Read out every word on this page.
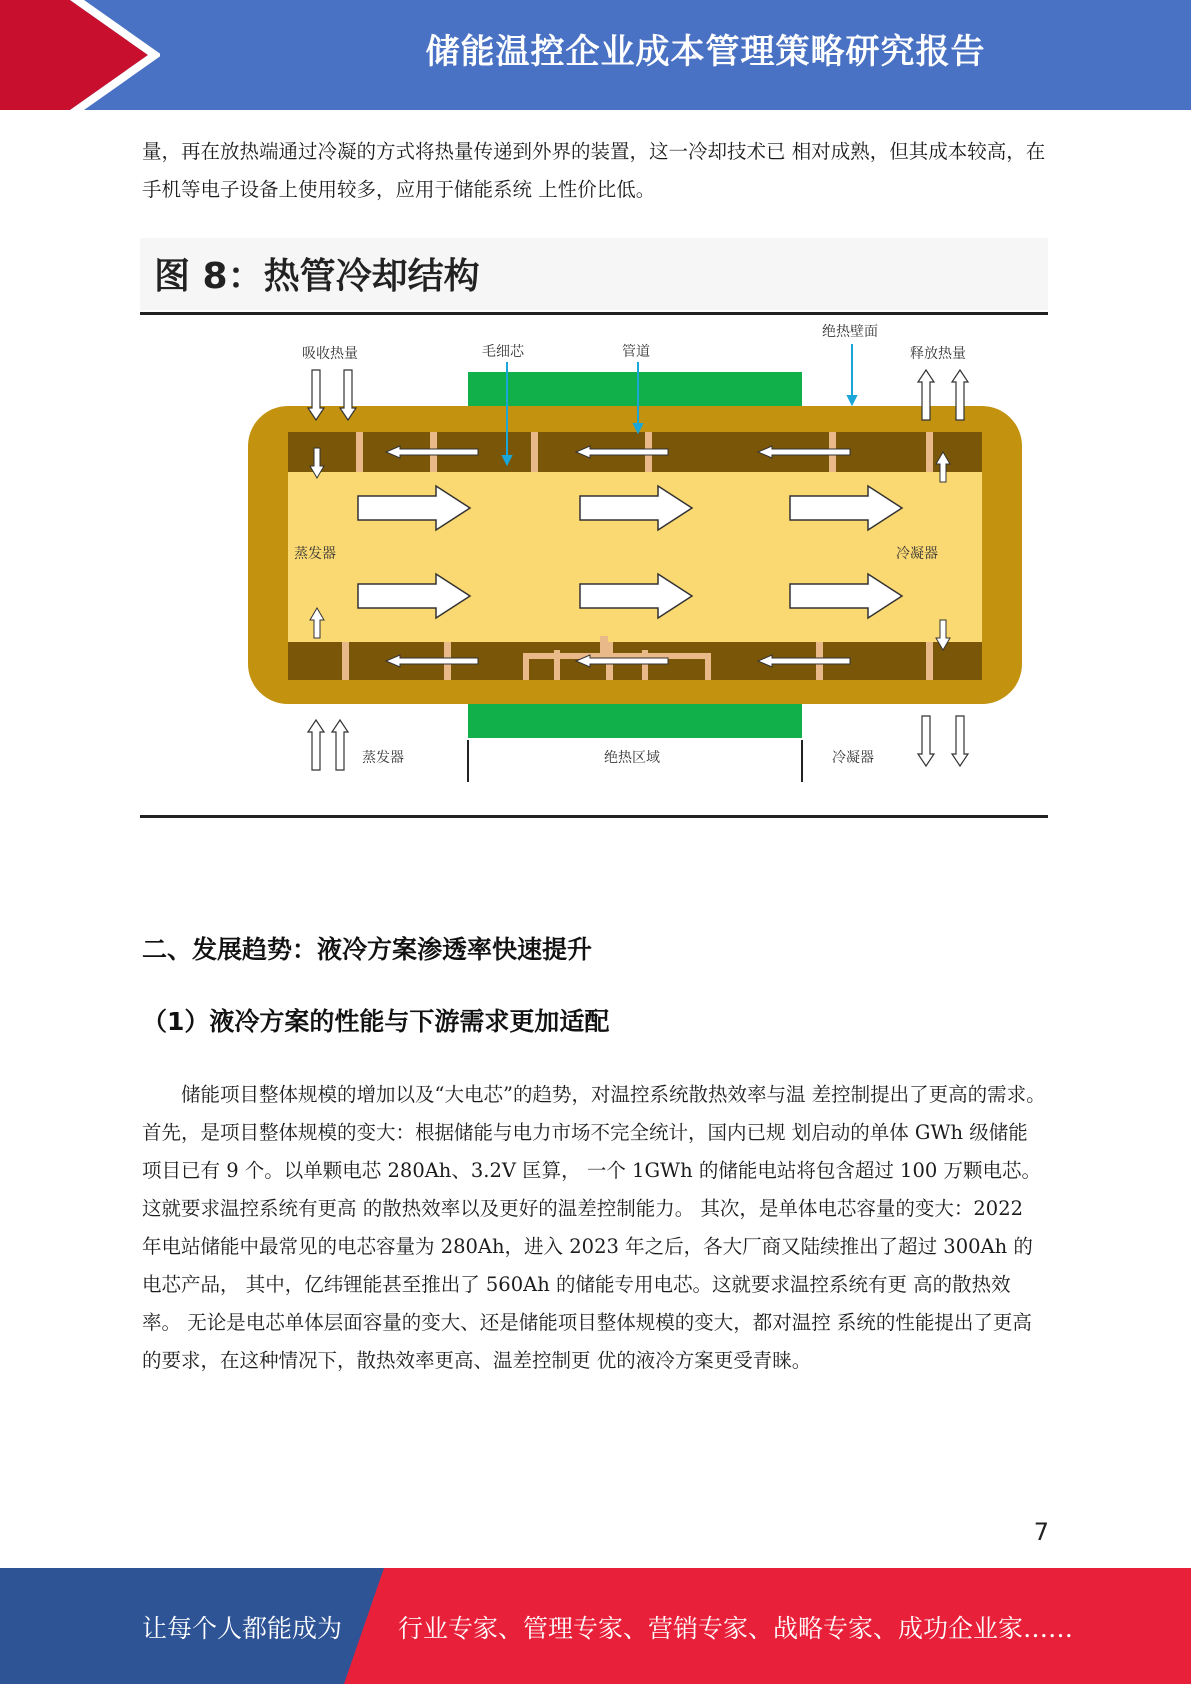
储能温控企业成本管理策略研究报告

量，再在放热端通过冷凝的方式将热量传递到外界的装置，这一冷却技术已 相对成熟，但其成本较高，在手机等电子设备上使用较多，应用于储能系统 上性价比低。

图 8：热管冷却结构
吸收热量	毛细芯	管道
绝热壁面
释放热量
蒸发器	冷凝器
蒸发器	绝热区域	冷凝器
二、发展趋势：液冷方案渗透率快速提升
（1）液冷方案的性能与下游需求更加适配

储能项目整体规模的增加以及“大电芯”的趋势，对温控系统散热效率与温 差控制提出了更高的需求。 首先，是项目整体规模的变大：根据储能与电力市场不完全统计，国内已规 划启动的单体 GWh 级储能项目已有 9 个。以单颗电芯 280Ah、3.2V 匡算， 一个 1GWh 的储能电站将包含超过 100 万颗电芯。这就要求温控系统有更高 的散热效率以及更好的温差控制能力。 其次，是单体电芯容量的变大：2022 年电站储能中最常见的电芯容量为 280Ah，进入 2023 年之后，各大厂商又陆续推出了超过 300Ah 的电芯产品， 其中，亿纬锂能甚至推出了 560Ah 的储能专用电芯。这就要求温控系统有更 高的散热效率。 无论是电芯单体层面容量的变大、还是储能项目整体规模的变大，都对温控 系统的性能提出了更高的要求，在这种情况下，散热效率更高、温差控制更 优的液冷方案更受青睐。

7
让每个人都能成为 行业专家、管理专家、营销专家、战略专家、成功企业家……
